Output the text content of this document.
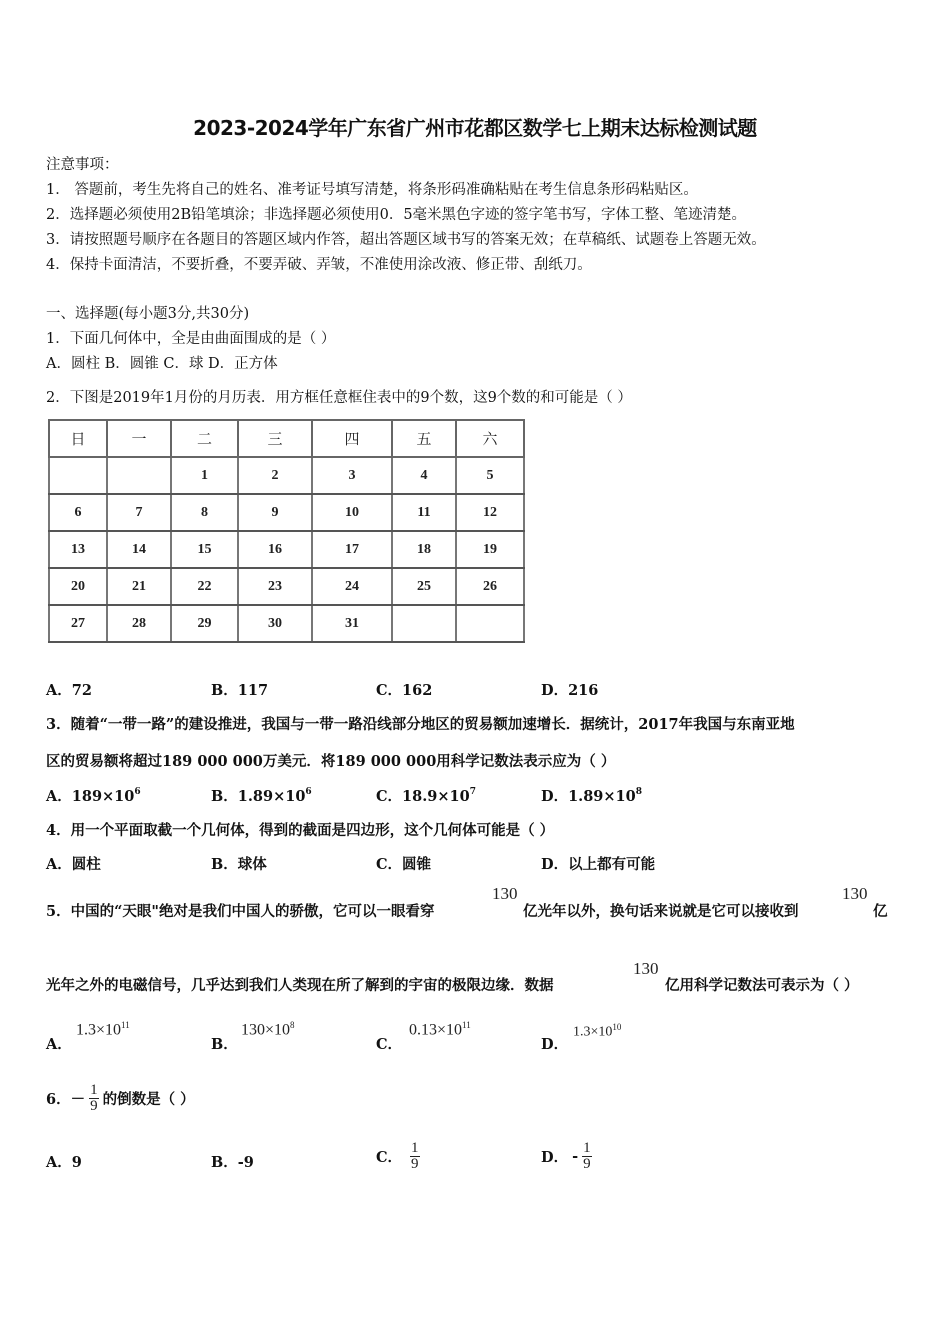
2023-2024学年广东省广州市花都区数学七上期末达标检测试题
注意事项：
1． 答题前，考生先将自己的姓名、准考证号填写清楚，将条形码准确粘贴在考生信息条形码粘贴区。
2．选择题必须使用2B铅笔填涂；非选择题必须使用0．5毫米黑色字迹的签字笔书写，字体工整、笔迹清楚。
3．请按照题号顺序在各题目的答题区域内作答，超出答题区域书写的答案无效；在草稿纸、试题卷上答题无效。
4．保持卡面清洁，不要折叠，不要弄破、弄皱，不准使用涂改液、修正带、刮纸刀。
一、选择题(每小题3分,共30分)
1．下面几何体中，全是由曲面围成的是（ ）
A．圆柱 B．圆锥 C．球 D．正方体
2．下图是2019年1月份的月历表．用方框任意框住表中的9个数，这9个数的和可能是（ ）
日	一	二	三	四	五	六
		1	2	3	4	5
6	7	8	9	10	11	12
13	14	15	16	17	18	19
20	21	22	23	24	25	26
27	28	29	30	31		
A．72	B．117	C．162	D．216
3．随着“一带一路”的建设推进，我国与一带一路沿线部分地区的贸易额加速增长．据统计，2017年我国与东南亚地
区的贸易额将超过189 000 000万美元．将189 000 000用科学记数法表示应为（ ）
A．$189\times 10^6$	B．$1.89\times 10^6$	C．$18.9\times 10^7$	D．$1.89\times 10^8$
4．用一个平面取截一个几何体，得到的截面是四边形，这个几何体可能是（ ）
A．圆柱	B．球体	C．圆锥	D．以上都有可能
5．中国的“天眼"绝对是我们中国人的骄傲，它可以一眼看穿
130
亿光年以外，换句话来说就是它可以接收到
130
亿
光年之外的电磁信号，几乎达到我们人类现在所了解到的宇宙的极限边缘．数据
130
亿用科学记数法可表示为（ ）
A．
$1.3\times 10^{11}$
B．
$130\times 10^8$
C．
$0.13\times 10^{11}$
D．
$1.3\times 10^{10}$
6．－ $\frac{1}{9}$ 的倒数是（ ）
A．9	B．-9	C． $\frac{1}{9}$	D． - $\frac{1}{9}$
